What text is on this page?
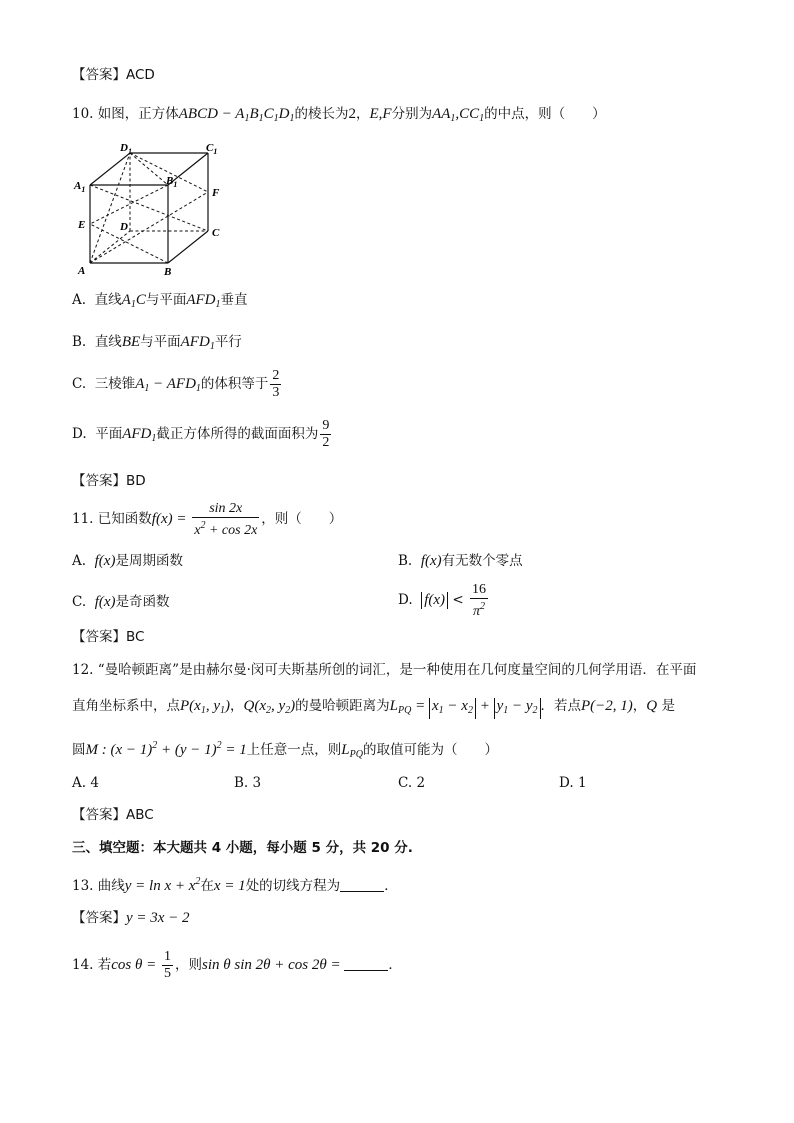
【答案】ACD
10. 如图，正方体ABCD − $A_1B_1C_1D_1$的棱长为2，E,F分别为$AA_1,CC_1$的中点，则（　　）
A	B
C
D
$A_1$
$B_1$
$C_1$
$D_1$
E
F
A. 直线$A_1C$与平面$AFD_1$垂直
B. 直线BE与平面$AFD_1$平行
C. 三棱锥$A_1 - AFD_1$的体积等于 $\frac{2}{3}$
D. 平面$AFD_1$截正方体所得的截面面积为 $\frac{9}{2}$
【答案】BD
11. 已知函数$f(x) = \frac{\sin 2x}{x^2 + \cos 2x}$ ，则（　　）
A. f(x)是周期函数	B. f(x)有无数个零点
C. f(x)是奇函数	D. $f(x) < \frac{16}{\pi^2}$
【答案】BC
12. “曼哈顿距离”是由赫尔曼·闵可夫斯基所创的词汇，是一种使用在几何度量空间的几何学用语．在平面
直角坐标系中，点$P(x_1$, $y_1$)，$Q(x_2$, $y_2$)的曼哈顿距离为$L_{PQ} = x_1 - x_2 + y_1 - y_2$ ．若点P(−2, 1)，Q 是
圆M : $(x - 1)^2 + (y - 1)^2 = 1$上任意一点，则$L_{PQ}$的取值可能为（　　）
A. 4	B. 3	C. 2	D. 1
【答案】ABC
三、填空题：本大题共 4 小题，每小题 5 分，共 20 分.
13. 曲线$y = \ln x + x^2$在x = 1处的切线方程为	．
【答案】y = 3x − 2
14. 若$\cos \theta = \frac{1}{5}$ ，则sin θ sin 2θ + cos 2θ =	．
